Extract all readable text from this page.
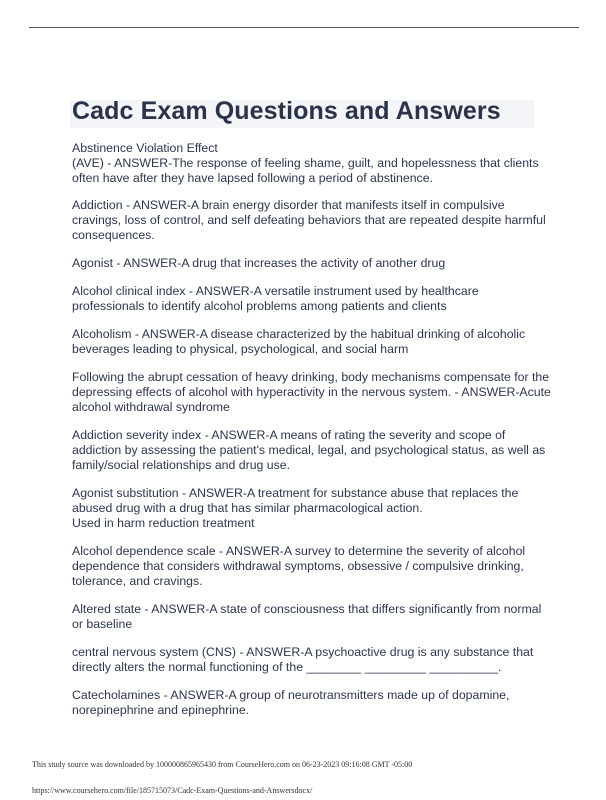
Cadc Exam Questions and Answers
Abstinence Violation Effect
(AVE) - ANSWER-The response of feeling shame, guilt, and hopelessness that clients
often have after they have lapsed following a period of abstinence.
Addiction - ANSWER-A brain energy disorder that manifests itself in compulsive
cravings, loss of control, and self defeating behaviors that are repeated despite harmful
consequences.
Agonist - ANSWER-A drug that increases the activity of another drug
Alcohol clinical index - ANSWER-A versatile instrument used by healthcare
professionals to identify alcohol problems among patients and clients
Alcoholism - ANSWER-A disease characterized by the habitual drinking of alcoholic
beverages leading to physical, psychological, and social harm
Following the abrupt cessation of heavy drinking, body mechanisms compensate for the
depressing effects of alcohol with hyperactivity in the nervous system. - ANSWER-Acute
alcohol withdrawal syndrome
Addiction severity index - ANSWER-A means of rating the severity and scope of
addiction by assessing the patient's medical, legal, and psychological status, as well as
family/social relationships and drug use.
Agonist substitution - ANSWER-A treatment for substance abuse that replaces the
abused drug with a drug that has similar pharmacological action.
Used in harm reduction treatment
Alcohol dependence scale - ANSWER-A survey to determine the severity of alcohol
dependence that considers withdrawal symptoms, obsessive / compulsive drinking,
tolerance, and cravings.
Altered state - ANSWER-A state of consciousness that differs significantly from normal
or baseline
central nervous system (CNS) - ANSWER-A psychoactive drug is any substance that
directly alters the normal functioning of the ________ _________ __________.
Catecholamines - ANSWER-A group of neurotransmitters made up of dopamine,
norepinephrine and epinephrine.
This study source was downloaded by 100000865965430 from CourseHero.com on 06-23-2023 09:16:08 GMT -05:00
https://www.coursehero.com/file/185715073/Cadc-Exam-Questions-and-Answersdocx/
